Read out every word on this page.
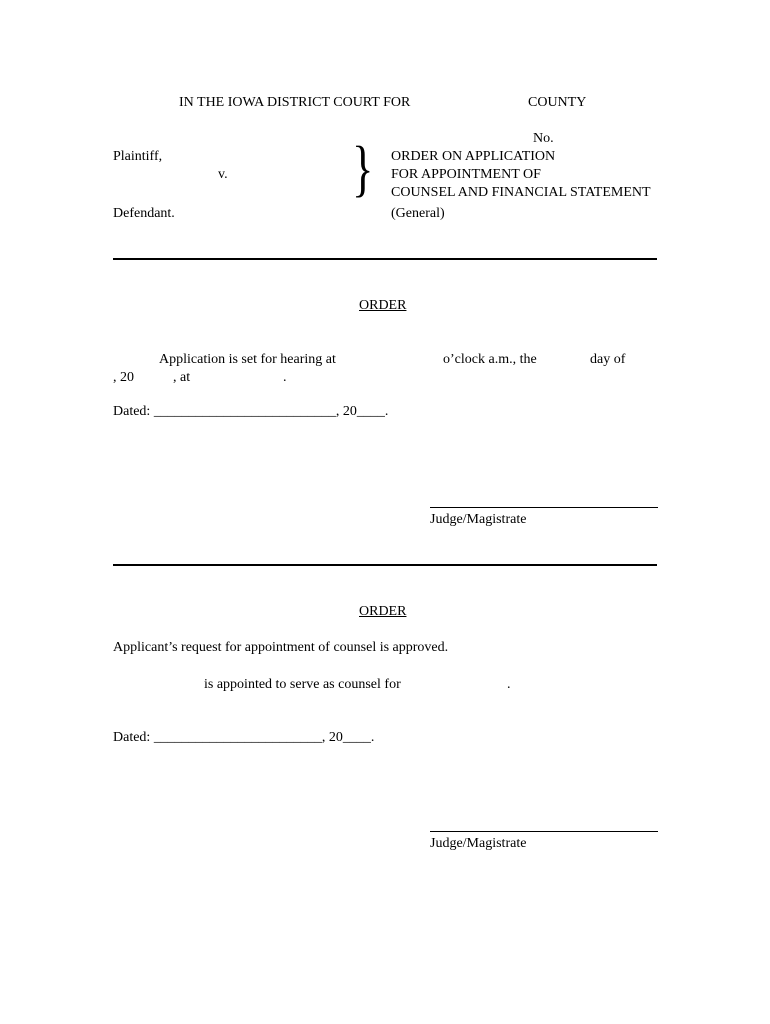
IN THE IOWA DISTRICT COURT FOR	COUNTY
No.
Plaintiff,
v.
Defendant.
} ORDER ON APPLICATION
FOR APPOINTMENT OF
COUNSEL AND FINANCIAL STATEMENT
(General)
ORDER
Application is set for hearing at	o’clock a.m., the	day of
, 20	, at	.
Dated: __________________________, 20____.
Judge/Magistrate
ORDER
Applicant’s request for appointment of counsel is approved.
is appointed to serve as counsel for	.
Dated: ________________________, 20____.
Judge/Magistrate
